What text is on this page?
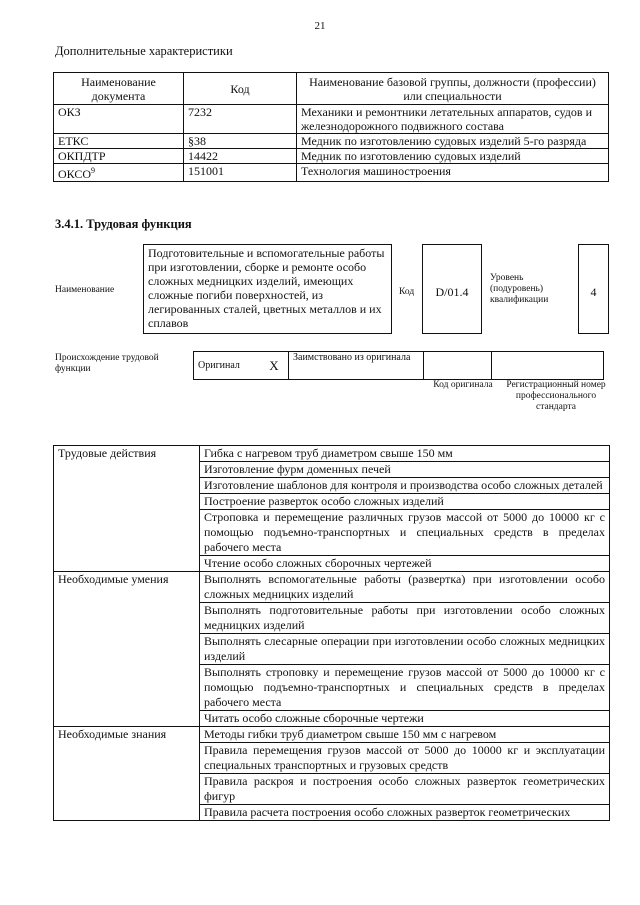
21
Дополнительные характеристики
Наименование документа	Код	Наименование базовой группы, должности (профессии) или специальности
ОКЗ	7232	Механики и ремонтники летательных аппаратов, судов и железнодорожного подвижного состава
ЕТКС	§38	Медник по изготовлению судовых изделий 5-го разряда
ОКПДТР	14422	Медник по изготовлению судовых изделий
ОКСО$^9$	151001	Технология машиностроения
3.4.1. Трудовая функция
Наименование
Подготовительные и вспомогательные работы при изготовлении, сборке и ремонте особо сложных медницких изделий, имеющих сложные погиби поверхностей, из легированных сталей, цветных металлов и их сплавов
Код	D/01.4
Уровень (подуровень) квалификации
4
Происхождение трудовой функции	Оригинал	X	Заимствовано из оригинала		
Код оригинала	Регистрационный номер профессионального стандарта
Трудовые действия	Гибка с нагревом труб диаметром свыше 150 мм
	Изготовление фурм доменных печей
	Изготовление шаблонов для контроля и производства особо сложных деталей
	Построение разверток особо сложных изделий
	Строповка и перемещение различных грузов массой от 5000 до 10000 кг с помощью подъемно-транспортных и специальных средств в пределах рабочего места
	Чтение особо сложных сборочных чертежей
Необходимые умения	Выполнять вспомогательные работы (развертка) при изготовлении особо сложных медницких изделий
	Выполнять подготовительные работы при изготовлении особо сложных медницких изделий
	Выполнять слесарные операции при изготовлении особо сложных медницких изделий
	Выполнять строповку и перемещение грузов массой от 5000 до 10000 кг с помощью подъемно-транспортных и специальных средств в пределах рабочего места
	Читать особо сложные сборочные чертежи
Необходимые знания	Методы гибки труб диаметром свыше 150 мм с нагревом
	Правила перемещения грузов массой от 5000 до 10000 кг и эксплуатации специальных транспортных и грузовых средств
	Правила раскроя и построения особо сложных разверток геометрических фигур
	Правила расчета построения особо сложных разверток геометрических
